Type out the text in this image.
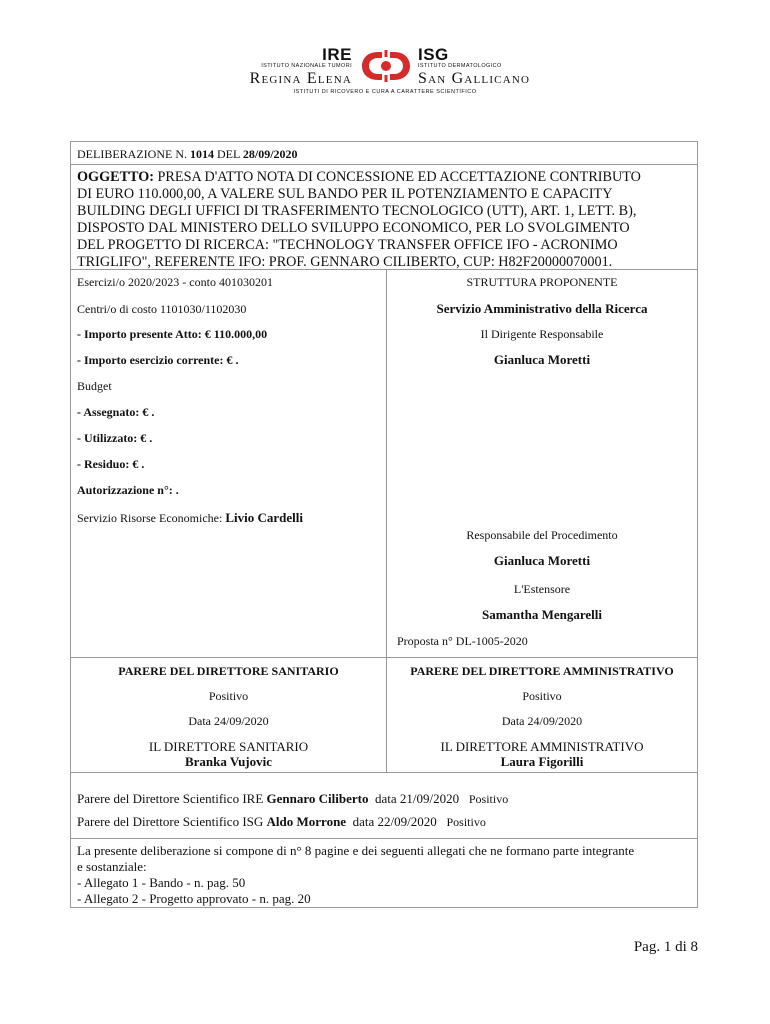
IRE
ISTITUTO NAZIONALE TUMORI
Regina Elena
ISG
ISTITUTO DERMATOLOGICO
San Gallicano
ISTITUTI DI RICOVERO E CURA A CARATTERE SCIENTIFICO
DELIBERAZIONE N. 1014 DEL 28/09/2020
OGGETTO: PRESA D'ATTO NOTA DI CONCESSIONE ED ACCETTAZIONE CONTRIBUTO
DI EURO 110.000,00, A VALERE SUL BANDO PER IL POTENZIAMENTO E CAPACITY
BUILDING DEGLI UFFICI DI TRASFERIMENTO TECNOLOGICO (UTT), ART. 1, LETT. B),
DISPOSTO DAL MINISTERO DELLO SVILUPPO ECONOMICO, PER LO SVOLGIMENTO
DEL PROGETTO DI RICERCA: "TECHNOLOGY TRANSFER OFFICE IFO - ACRONIMO
TRIGLIFO", REFERENTE IFO: PROF. GENNARO CILIBERTO, CUP: H82F20000070001.
Esercizi/o 2020/2023 - conto 401030201
Centri/o di costo 1101030/1102030
- Importo presente Atto: € 110.000,00
- Importo esercizio corrente: € .
Budget
- Assegnato: € .
- Utilizzato: € .
- Residuo: € .
Autorizzazione n°: .
Servizio Risorse Economiche: Livio Cardelli
STRUTTURA PROPONENTE
Servizio Amministrativo della Ricerca
Il Dirigente Responsabile
Gianluca Moretti
Responsabile del Procedimento
Gianluca Moretti
L'Estensore
Samantha Mengarelli
Proposta n° DL-1005-2020
PARERE DEL DIRETTORE SANITARIO
Positivo
Data 24/09/2020
IL DIRETTORE SANITARIO
Branka Vujovic
PARERE DEL DIRETTORE AMMINISTRATIVO
Positivo
Data 24/09/2020
IL DIRETTORE AMMINISTRATIVO
Laura Figorilli
Parere del Direttore Scientifico IRE Gennaro Ciliberto data 21/09/2020 Positivo
Parere del Direttore Scientifico ISG Aldo Morrone data 22/09/2020 Positivo
La presente deliberazione si compone di n° 8 pagine e dei seguenti allegati che ne formano parte integrante
e sostanziale:
- Allegato 1 - Bando - n. pag. 50
- Allegato 2 - Progetto approvato - n. pag. 20
Pag. 1 di 8
